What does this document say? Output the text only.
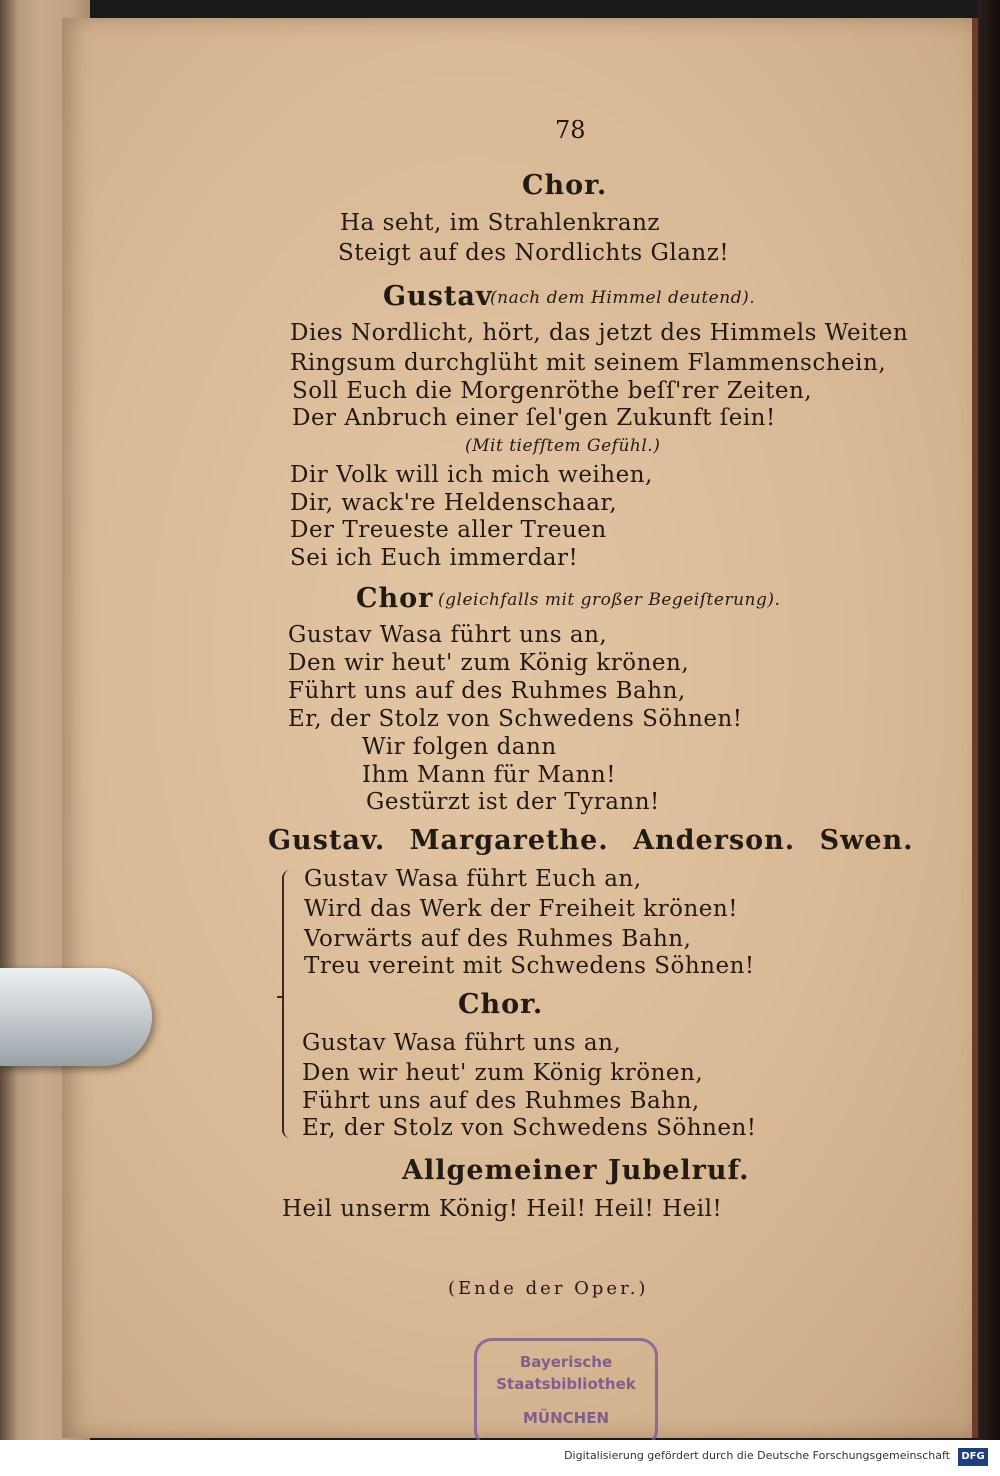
78
Chor.
Ha seht, im Strahlenkranz
Steigt auf des Nordlichts Glanz!
Gustav
(nach dem Himmel deutend).
Dies Nordlicht, hört, das jetzt des Himmels Weiten
Ringsum durchglüht mit seinem Flammenschein,
Soll Euch die Morgenröthe beſſ'rer Zeiten,
Der Anbruch einer ſel'gen Zukunft ſein!
(Mit tiefſtem Gefühl.)
Dir Volk will ich mich weihen,
Dir, wack're Heldenschaar,
Der Treueste aller Treuen
Sei ich Euch immerdar!
Chor (gleichfalls mit großer Begeiſterung).
Gustav Wasa führt uns an,
Den wir heut' zum König krönen,
Führt uns auf des Ruhmes Bahn,
Er, der Stolz von Schwedens Söhnen!
Wir folgen dann
Ihm Mann für Mann!
Gestürzt ist der Tyrann!
Gustav. Margarethe. Anderson. Swen.
Gustav Wasa führt Euch an,
Wird das Werk der Freiheit krönen!
Vorwärts auf des Ruhmes Bahn,
Treu vereint mit Schwedens Söhnen!
Chor.
Gustav Wasa führt uns an,
Den wir heut' zum König krönen,
Führt uns auf des Ruhmes Bahn,
Er, der Stolz von Schwedens Söhnen!
Allgemeiner Jubelruf.
Heil unserm König! Heil! Heil! Heil!
(Ende der Oper.)
Bayerische
Staatsbibliothek
MÜNCHEN
Digitalisierung gefördert durch die Deutsche Forschungsgemeinschaft	DFG
